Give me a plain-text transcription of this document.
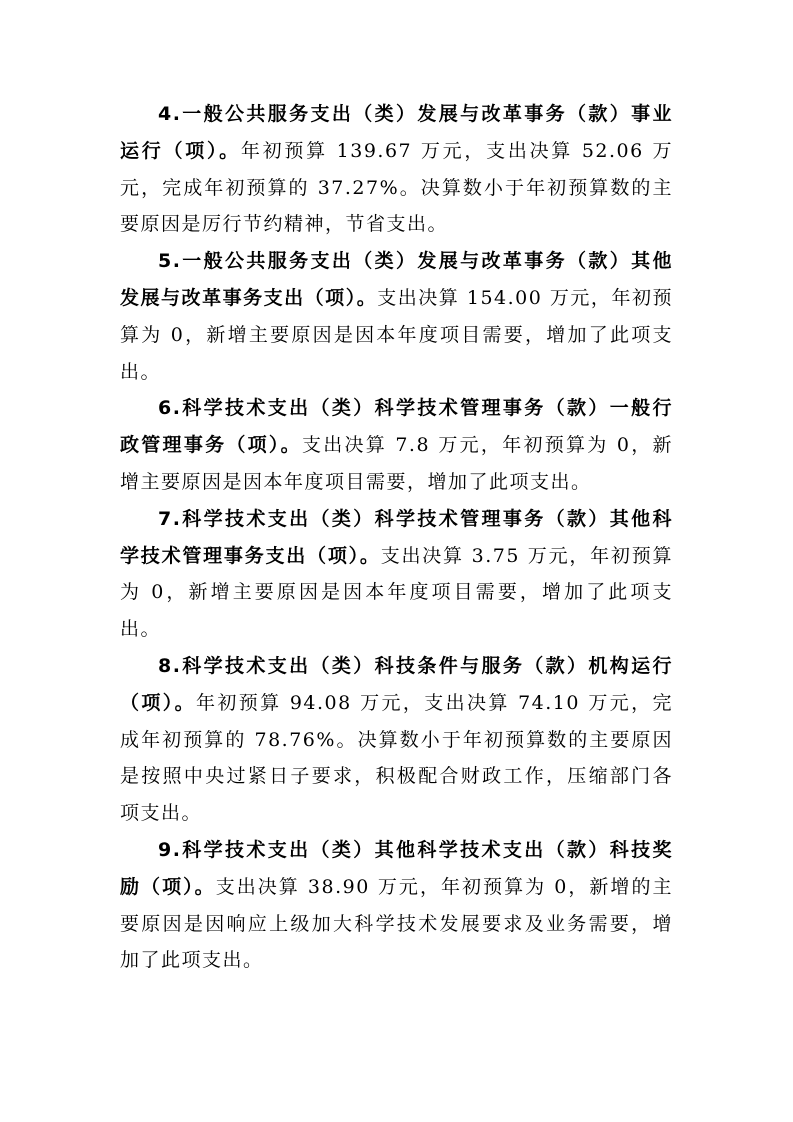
4.一般公共服务支出（类）发展与改革事务（款）事业运行（项）。年初预算 139.67 万元，支出决算 52.06 万元，完成年初预算的 37.27%。决算数小于年初预算数的主要原因是厉行节约精神，节省支出。

5.一般公共服务支出（类）发展与改革事务（款）其他发展与改革事务支出（项）。支出决算 154.00 万元，年初预算为 0，新增主要原因是因本年度项目需要，增加了此项支出。

6.科学技术支出（类）科学技术管理事务（款）一般行政管理事务（项）。支出决算 7.8 万元，年初预算为 0，新增主要原因是因本年度项目需要，增加了此项支出。

7.科学技术支出（类）科学技术管理事务（款）其他科学技术管理事务支出（项）。支出决算 3.75 万元，年初预算为 0，新增主要原因是因本年度项目需要，增加了此项支出。

8.科学技术支出（类）科技条件与服务（款）机构运行（项）。年初预算 94.08 万元，支出决算 74.10 万元，完成年初预算的 78.76%。决算数小于年初预算数的主要原因是按照中央过紧日子要求，积极配合财政工作，压缩部门各项支出。

9.科学技术支出（类）其他科学技术支出（款）科技奖励（项）。支出决算 38.90 万元，年初预算为 0，新增的主要原因是因响应上级加大科学技术发展要求及业务需要，增加了此项支出。
